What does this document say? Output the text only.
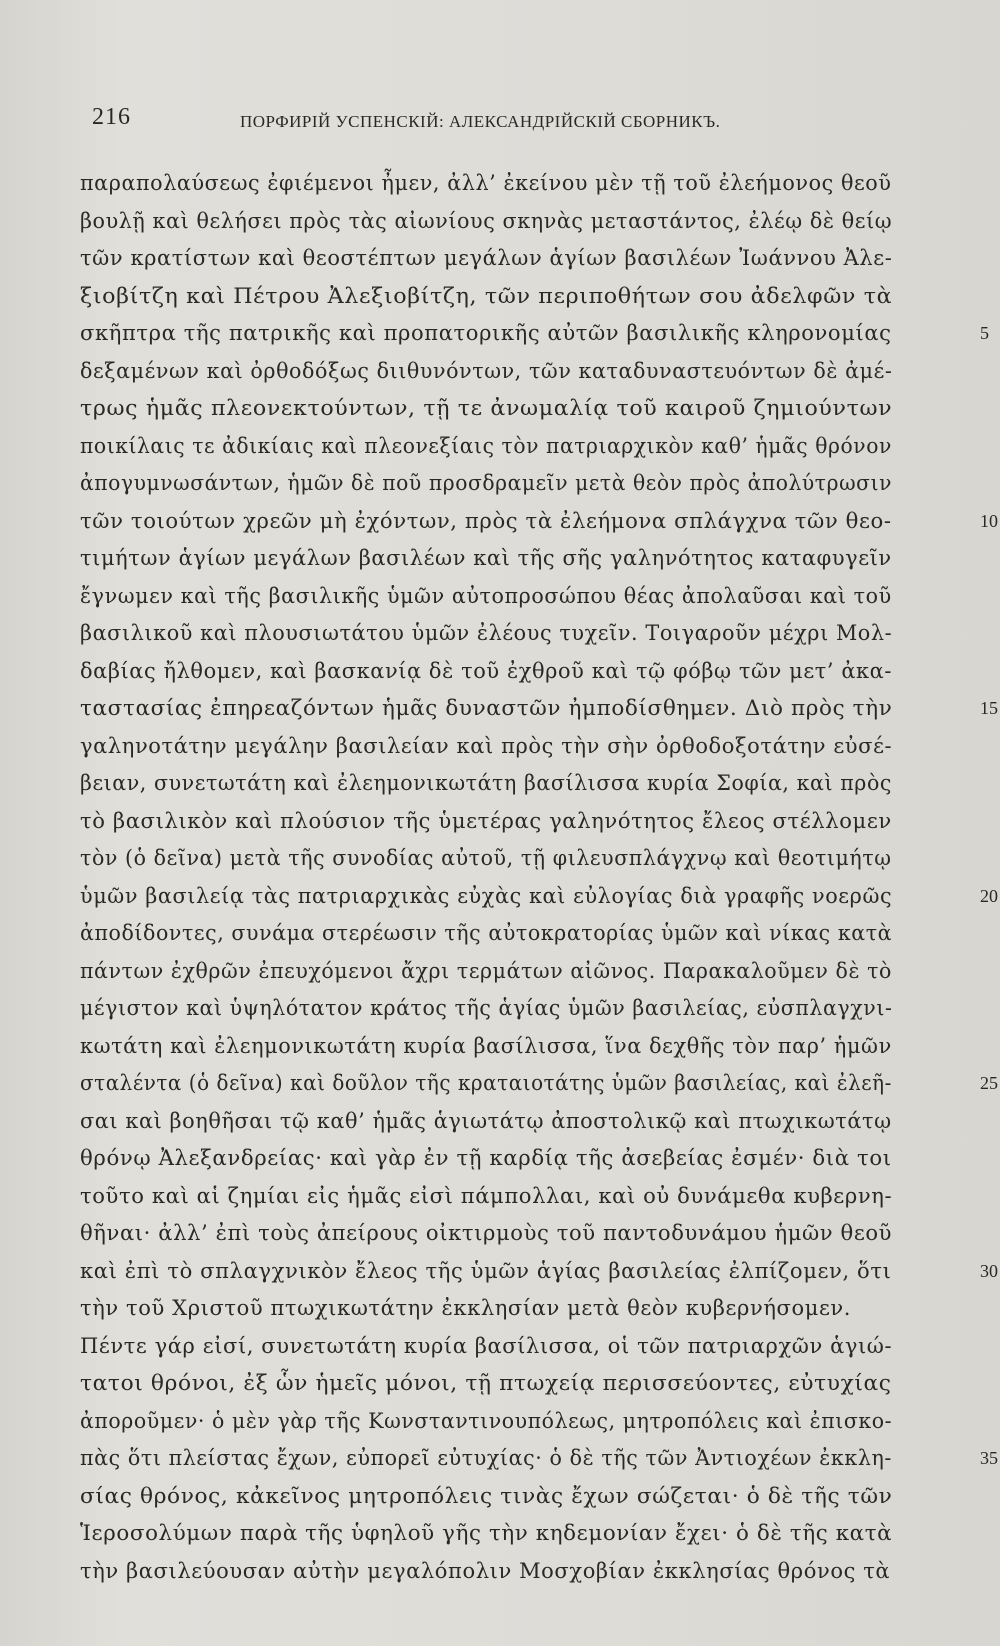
216	ПОРФИРІЙ УСПЕНСКІЙ: АЛЕКСАНДРІЙСКІЙ СБОРНИКЪ.
παραπολαύσεως ἐφιέμενοι ἦμεν, ἀλλ’ ἐκείνου μὲν τῇ τοῦ ἐλεήμονος θεοῦ
βουλῇ καὶ θελήσει πρὸς τὰς αἰωνίους σκηνὰς μεταστάντος, ἐλέῳ δὲ θείῳ
τῶν κρατίστων καὶ θεοστέπτων μεγάλων ἁγίων βασιλέων Ἰωάννου Ἀλε-
ξιοβίτζη καὶ Πέτρου Ἀλεξιοβίτζη, τῶν περιποθήτων σου ἀδελφῶν τὰ
σκῆπτρα τῆς πατρικῆς καὶ προπατορικῆς αὐτῶν βασιλικῆς κληρονομίας
δεξαμένων καὶ ὀρθοδόξως διιθυνόντων, τῶν καταδυναστευόντων δὲ ἀμέ-
τρως ἡμᾶς πλεονεκτούντων, τῇ τε ἀνωμαλίᾳ τοῦ καιροῦ ζημιούντων
ποικίλαις τε ἀδικίαις καὶ πλεονεξίαις τὸν πατριαρχικὸν καθ’ ἡμᾶς θρόνον
ἀπογυμνωσάντων, ἡμῶν δὲ ποῦ προσδραμεῖν μετὰ θεὸν πρὸς ἀπολύτρωσιν
τῶν τοιούτων χρεῶν μὴ ἐχόντων, πρὸς τὰ ἐλεήμονα σπλάγχνα τῶν θεο-
τιμήτων ἁγίων μεγάλων βασιλέων καὶ τῆς σῆς γαληνότητος καταφυγεῖν
ἔγνωμεν καὶ τῆς βασιλικῆς ὑμῶν αὐτοπροσώπου θέας ἀπολαῦσαι καὶ τοῦ
βασιλικοῦ καὶ πλουσιωτάτου ὑμῶν ἐλέους τυχεῖν. Τοιγαροῦν μέχρι Μολ-
δαβίας ἤλθομεν, καὶ βασκανίᾳ δὲ τοῦ ἐχθροῦ καὶ τῷ φόβῳ τῶν μετ’ ἀκα-
ταστασίας ἐπηρεαζόντων ἡμᾶς δυναστῶν ἠμποδίσθημεν. Διὸ πρὸς τὴν
γαληνοτάτην μεγάλην βασιλείαν καὶ πρὸς τὴν σὴν ὀρθοδοξοτάτην εὐσέ-
βειαν, συνετωτάτη καὶ ἐλεημονικωτάτη βασίλισσα κυρία Σοφία, καὶ πρὸς
τὸ βασιλικὸν καὶ πλούσιον τῆς ὑμετέρας γαληνότητος ἔλεος στέλλομεν
τὸν (ὁ δεῖνα) μετὰ τῆς συνοδίας αὐτοῦ, τῇ φιλευσπλάγχνῳ καὶ θεοτιμήτῳ
ὑμῶν βασιλείᾳ τὰς πατριαρχικὰς εὐχὰς καὶ εὐλογίας διὰ γραφῆς νοερῶς
ἀποδίδοντες, συνάμα στερέωσιν τῆς αὐτοκρατορίας ὑμῶν καὶ νίκας κατὰ
πάντων ἐχθρῶν ἐπευχόμενοι ἄχρι τερμάτων αἰῶνος. Παρακαλοῦμεν δὲ τὸ
μέγιστον καὶ ὑψηλότατον κράτος τῆς ἁγίας ὑμῶν βασιλείας, εὐσπλαγχνι-
κωτάτη καὶ ἐλεημονικωτάτη κυρία βασίλισσα, ἵνα δεχθῆς τὸν παρ’ ἡμῶν
σταλέντα (ὁ δεῖνα) καὶ δοῦλον τῆς κραταιοτάτης ὑμῶν βασιλείας, καὶ ἐλεῆ-
σαι καὶ βοηθῆσαι τῷ καθ’ ἡμᾶς ἁγιωτάτῳ ἀποστολικῷ καὶ πτωχικωτάτῳ
θρόνῳ Ἀλεξανδρείας· καὶ γὰρ ἐν τῇ καρδίᾳ τῆς ἀσεβείας ἐσμέν· διὰ τοι
τοῦτο καὶ αἱ ζημίαι εἰς ἡμᾶς εἰσὶ πάμπολλαι, καὶ οὐ δυνάμεθα κυβερνη-
θῆναι· ἀλλ’ ἐπὶ τοὺς ἀπείρους οἰκτιρμοὺς τοῦ παντοδυνάμου ἡμῶν θεοῦ
καὶ ἐπὶ τὸ σπλαγχνικὸν ἔλεος τῆς ὑμῶν ἁγίας βασιλείας ἐλπίζομεν, ὅτι
τὴν τοῦ Χριστοῦ πτωχικωτάτην ἐκκλησίαν μετὰ θεὸν κυβερνήσομεν.
Πέντε γάρ εἰσί, συνετωτάτη κυρία βασίλισσα, οἱ τῶν πατριαρχῶν ἁγιώ-
τατοι θρόνοι, ἐξ ὧν ἡμεῖς μόνοι, τῇ πτωχείᾳ περισσεύοντες, εὐτυχίας
ἀποροῦμεν· ὁ μὲν γὰρ τῆς Κωνσταντινουπόλεως, μητροπόλεις καὶ ἐπισκο-
πὰς ὅτι πλείστας ἔχων, εὐπορεῖ εὐτυχίας· ὁ δὲ τῆς τῶν Ἀντιοχέων ἐκκλη-
σίας θρόνος, κἀκεῖνος μητροπόλεις τινὰς ἔχων σώζεται· ὁ δὲ τῆς τῶν
Ἱεροσολύμων παρὰ τῆς ὑφηλοῦ γῆς τὴν κηδεμονίαν ἔχει· ὁ δὲ τῆς κατὰ
τὴν βασιλεύουσαν αὐτὴν μεγαλόπολιν Μοσχοβίαν ἐκκλησίας θρόνος τὰ
5
10
15
20
25
30
35
